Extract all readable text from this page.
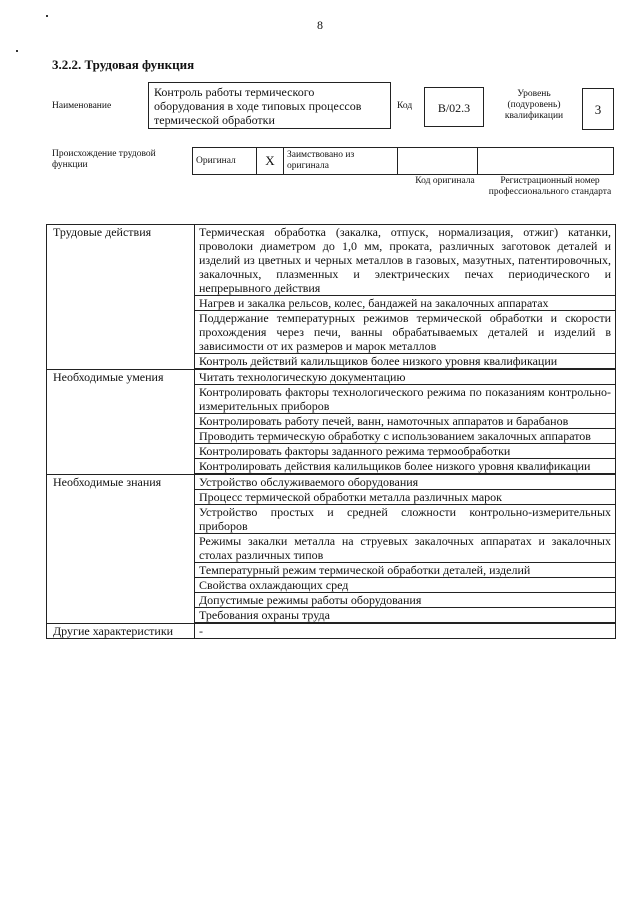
8
3.2.2. Трудовая функция
Наименование
Контроль работы термического оборудования в ходе типовых процессов термической обработки
Код	В/02.3
Уровень (подуровень) квалификации	3
Происхождение трудовой функции	Оригинал	X	Заимствовано из оригинала		
Код оригинала	Регистрационный номер профессионального стандарта
Трудовые действия	Термическая обработка (закалка, отпуск, нормализация, отжиг) катанки, проволоки диаметром до 1,0 мм, проката, различных заготовок деталей и изделий из цветных и черных металлов в газовых, мазутных, патентировочных, закалочных, плазменных и электрических печах периодического и непрерывного действия
	Нагрев и закалка рельсов, колес, бандажей на закалочных аппаратах
	Поддержание температурных режимов термической обработки и скорости прохождения через печи, ванны обрабатываемых деталей и изделий в зависимости от их размеров и марок металлов
	Контроль действий калильщиков более низкого уровня квалификации
Необходимые умения	Читать технологическую документацию
	Контролировать факторы технологического режима по показаниям контрольно-измерительных приборов
	Контролировать работу печей, ванн, намоточных аппаратов и барабанов
	Проводить термическую обработку с использованием закалочных аппаратов
	Контролировать факторы заданного режима термообработки
	Контролировать действия калильщиков более низкого уровня квалификации
Необходимые знания	Устройство обслуживаемого оборудования
	Процесс термической обработки металла различных марок
	Устройство простых и средней сложности контрольно-измерительных приборов
	Режимы закалки металла на струевых закалочных аппаратах и закалочных столах различных типов
	Температурный режим термической обработки деталей, изделий
	Свойства охлаждающих сред
	Допустимые режимы работы оборудования
	Требования охраны труда
Другие характеристики	-
